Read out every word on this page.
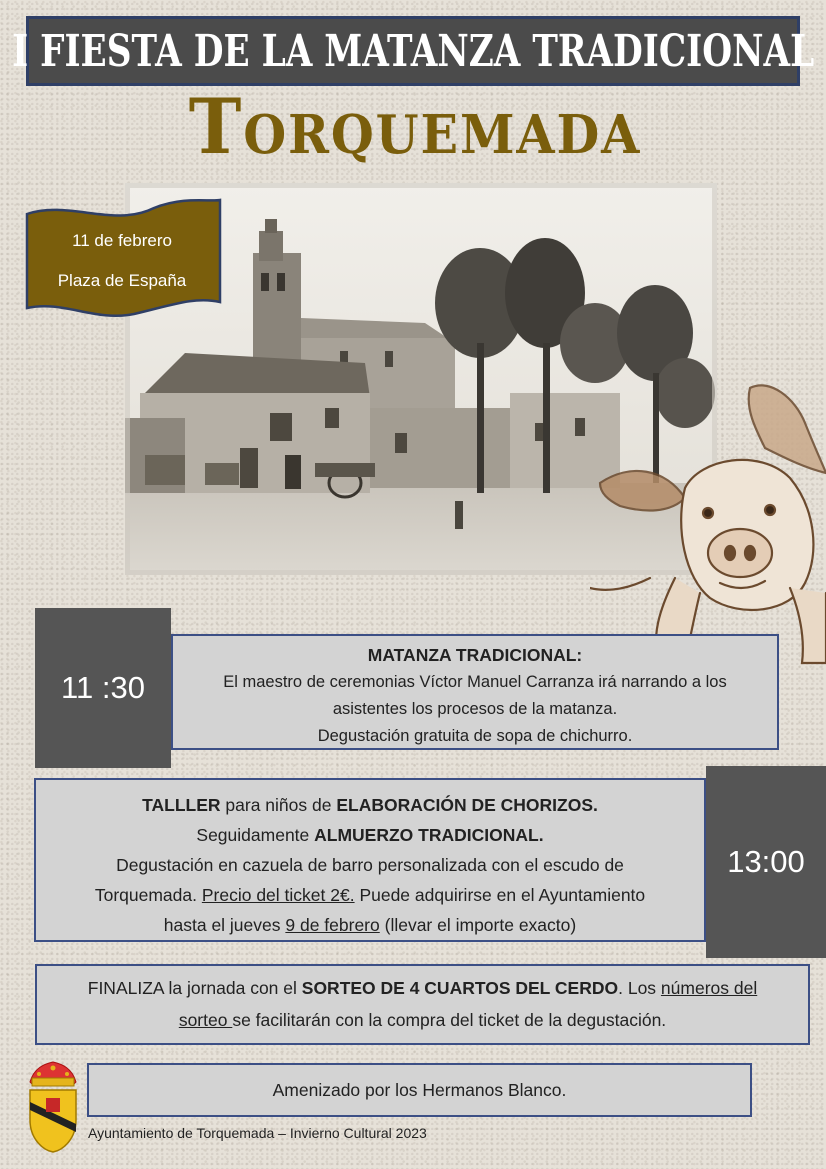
I FIESTA DE LA MATANZA TRADICIONAL
Torquemada
11 de febrero
Plaza de España
11 :30
MATANZA TRADICIONAL:
El maestro de ceremonias Víctor Manuel Carranza irá narrando a los
asistentes los procesos de la matanza.
Degustación gratuita de sopa de chichurro.
TALLLER para niños de ELABORACIÓN DE CHORIZOS.
Seguidamente ALMUERZO TRADICIONAL.
Degustación en cazuela de barro personalizada con el escudo de
Torquemada. Precio del ticket 2€. Puede adquirirse en el Ayuntamiento
hasta el jueves 9 de febrero (llevar el importe exacto)
13:00
FINALIZA la jornada con el SORTEO DE 4 CUARTOS DEL CERDO. Los números del
sorteo se facilitarán con la compra del ticket de la degustación.
Amenizado por los Hermanos Blanco.
Ayuntamiento de Torquemada – Invierno Cultural 2023
